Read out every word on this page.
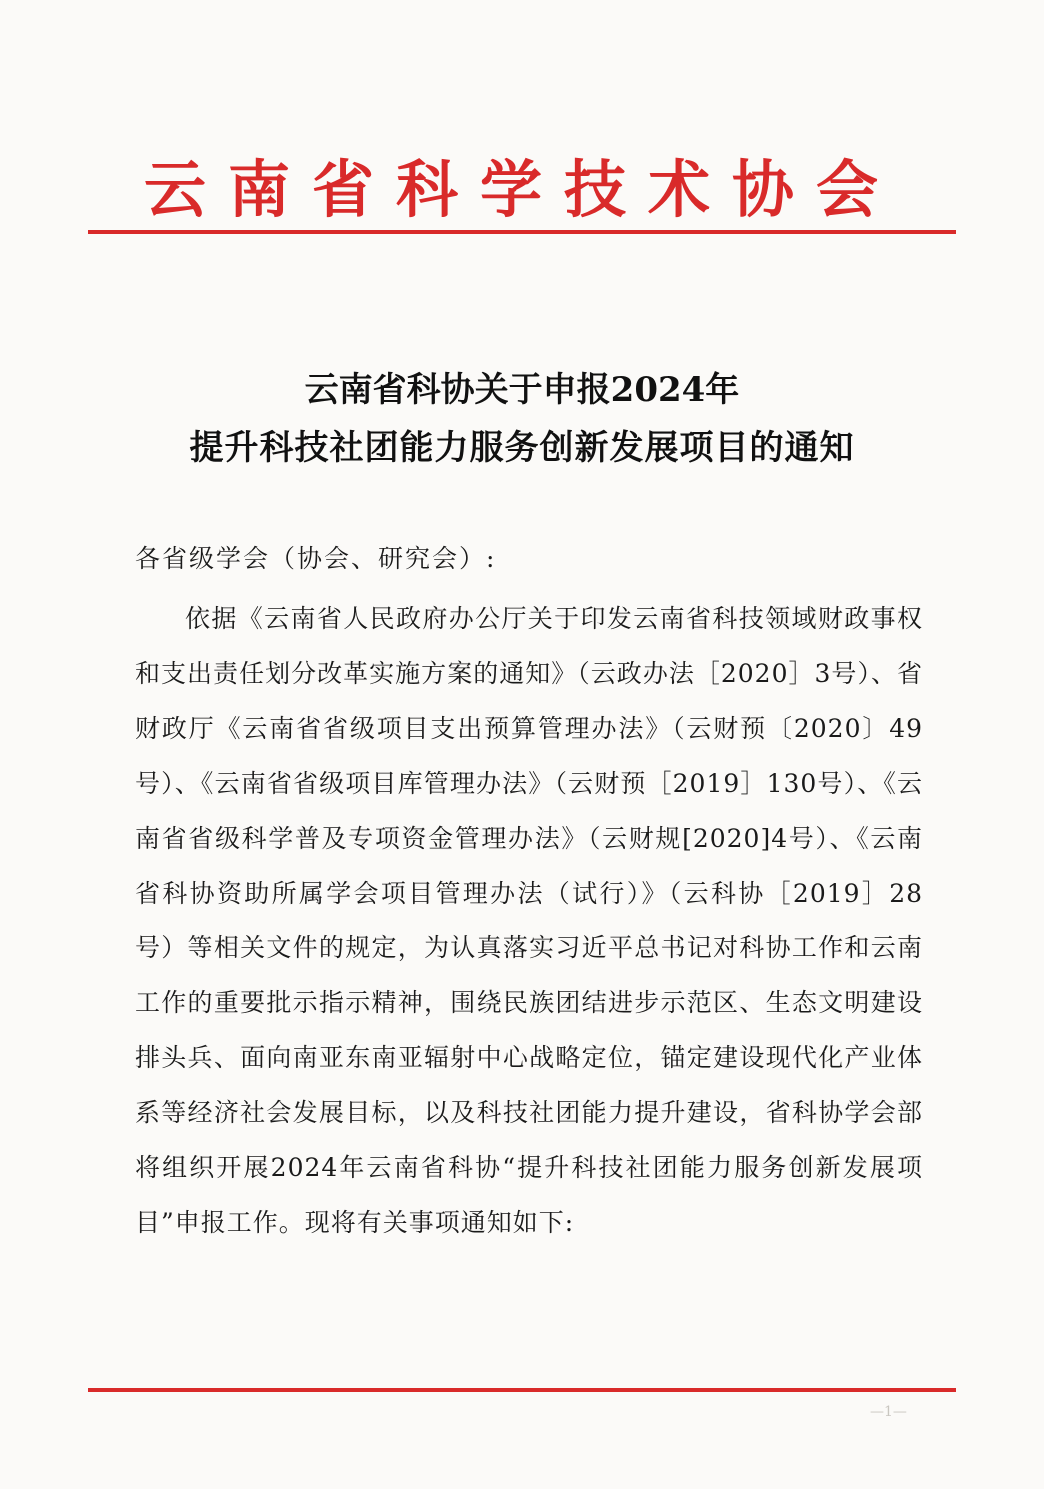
云南省科学技术协会
云南省科协关于申报2024年
提升科技社团能力服务创新发展项目的通知
各省级学会（协会、研究会）:
依据《云南省人民政府办公厅关于印发云南省科技领域财政事权和支出责任划分改革实施方案的通知》（云政办法［2020］3号）、省财政厅《云南省省级项目支出预算管理办法》（云财预〔2020〕49号）、《云南省省级项目库管理办法》（云财预［2019］130号）、《云南省省级科学普及专项资金管理办法》（云财规[2020]4号）、《云南省科协资助所属学会项目管理办法（试行）》（云科协［2019］28号）等相关文件的规定，为认真落实习近平总书记对科协工作和云南工作的重要批示指示精神，围绕民族团结进步示范区、生态文明建设排头兵、面向南亚东南亚辐射中心战略定位，锚定建设现代化产业体系等经济社会发展目标，以及科技社团能力提升建设，省科协学会部将组织开展2024年云南省科协“提升科技社团能力服务创新发展项目”申报工作。现将有关事项通知如下:
—1—
